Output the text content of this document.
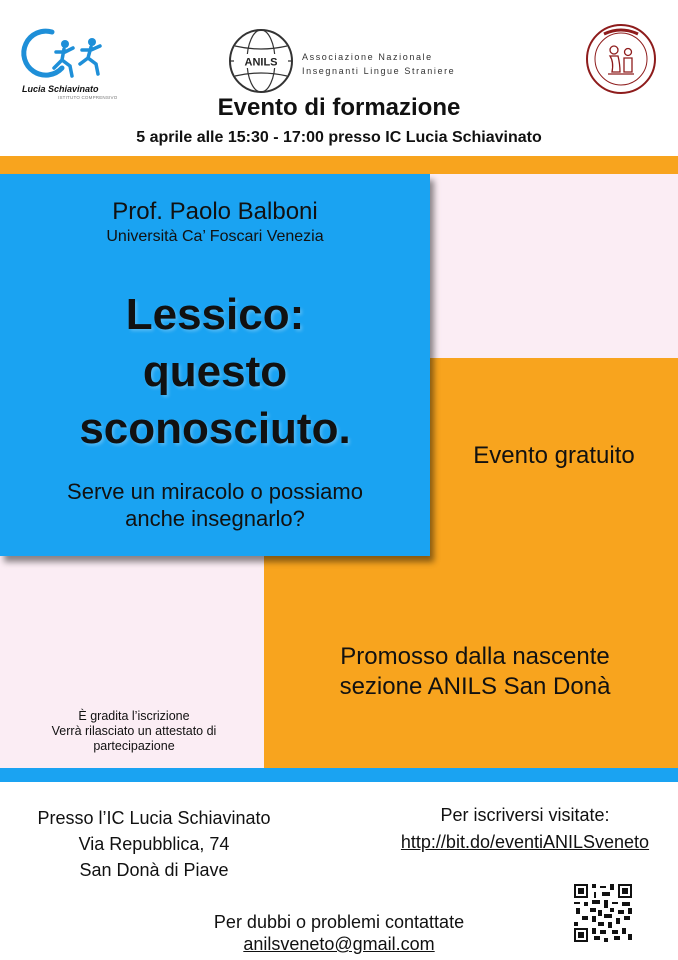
Lucia Schiavinato
ISTITUTO COMPRENSIVO
ANILS	Associazione Nazionale
Insegnanti Lingue Straniere
Evento di formazione
5 aprile alle 15:30 - 17:00 presso IC Lucia Schiavinato
Prof. Paolo Balboni
Università Ca’ Foscari Venezia
Lessico:
questo
sconosciuto.
Serve un miracolo o possiamo
anche insegnarlo?
Evento gratuito
Promosso dalla nascente
sezione ANILS San Donà
È gradita l’iscrizione
Verrà rilasciato un attestato di
partecipazione
Presso l’IC Lucia Schiavinato
Via Repubblica, 74
San Donà di Piave
Per iscriversi visitate:
http://bit.do/eventiANILSveneto
Per dubbi o problemi contattate
anilsveneto@gmail.com
